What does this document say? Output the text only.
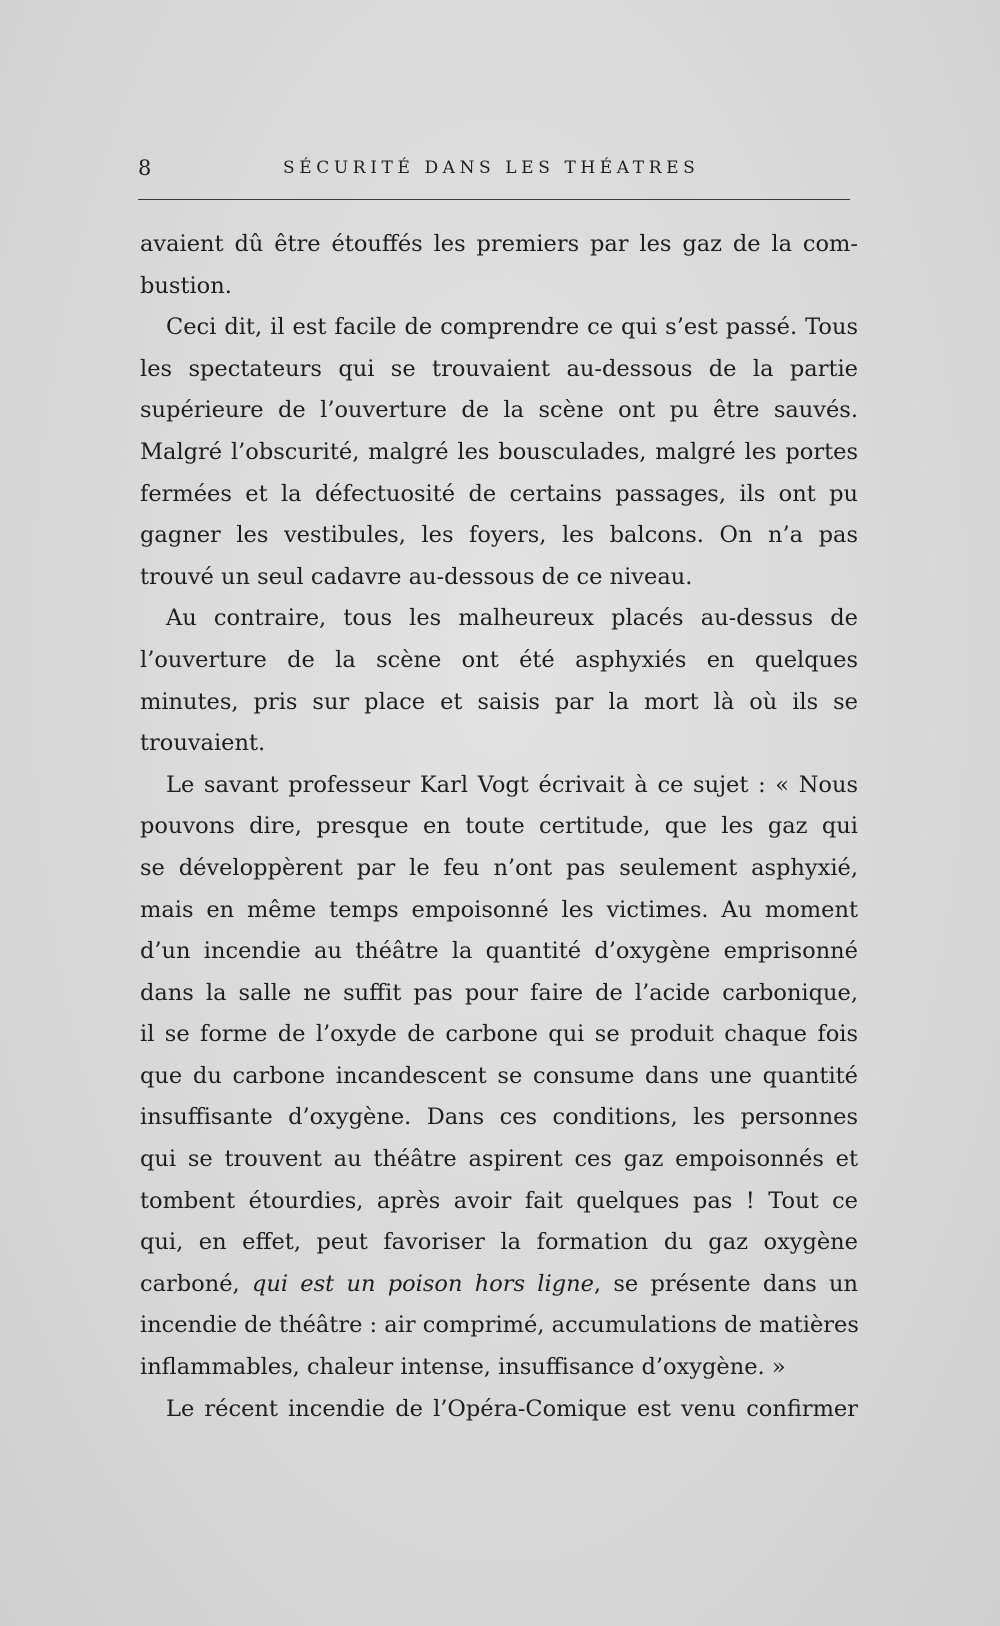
8	SÉCURITÉ DANS LES THÉATRES
avaient dû être étouffés les premiers par les gaz de la com-
bustion.
Ceci dit, il est facile de comprendre ce qui s’est passé. Tous
les spectateurs qui se trouvaient au-dessous de la partie
supérieure de l’ouverture de la scène ont pu être sauvés.
Malgré l’obscurité, malgré les bousculades, malgré les portes
fermées et la défectuosité de certains passages, ils ont pu
gagner les vestibules, les foyers, les balcons. On n’a pas
trouvé un seul cadavre au-dessous de ce niveau.
Au contraire, tous les malheureux placés au-dessus de
l’ouverture de la scène ont été asphyxiés en quelques
minutes, pris sur place et saisis par la mort là où ils se
trouvaient.
Le savant professeur Karl Vogt écrivait à ce sujet : « Nous
pouvons dire, presque en toute certitude, que les gaz qui
se développèrent par le feu n’ont pas seulement asphyxié,
mais en même temps empoisonné les victimes. Au moment
d’un incendie au théâtre la quantité d’oxygène emprisonné
dans la salle ne suffit pas pour faire de l’acide carbonique,
il se forme de l’oxyde de carbone qui se produit chaque fois
que du carbone incandescent se consume dans une quantité
insuffisante d’oxygène. Dans ces conditions, les personnes
qui se trouvent au théâtre aspirent ces gaz empoisonnés et
tombent étourdies, après avoir fait quelques pas ! Tout ce
qui, en effet, peut favoriser la formation du gaz oxygène
carboné, qui est un poison hors ligne, se présente dans un
incendie de théâtre : air comprimé, accumulations de matières
inflammables, chaleur intense, insuffisance d’oxygène. »
Le récent incendie de l’Opéra-Comique est venu confirmer
